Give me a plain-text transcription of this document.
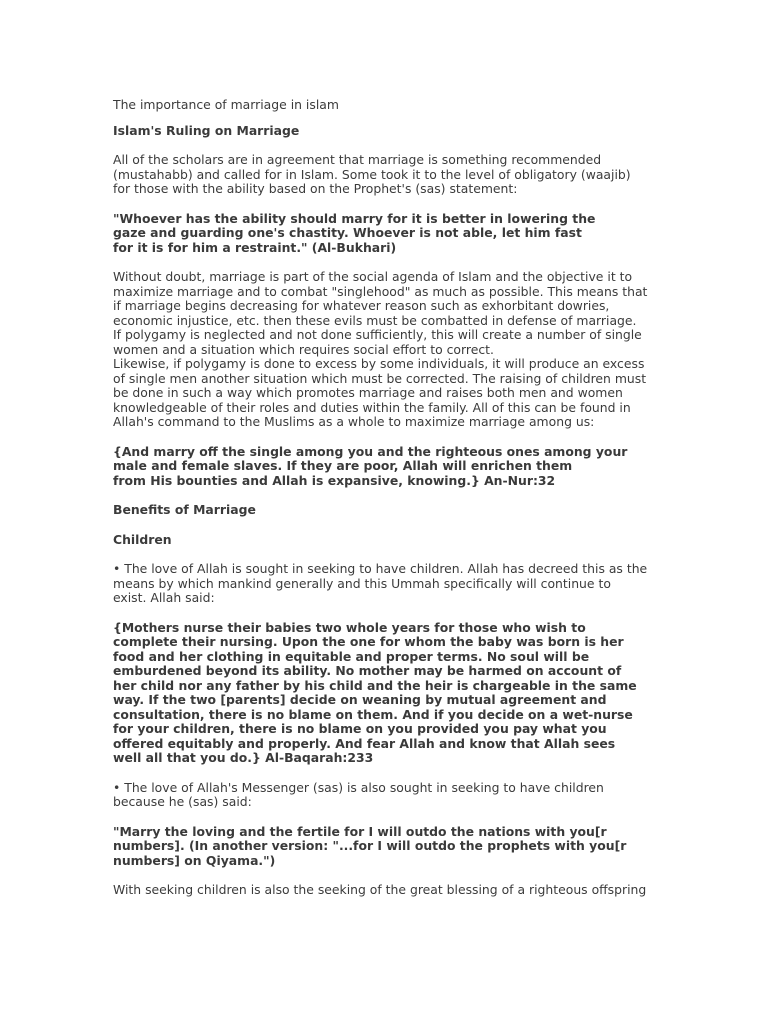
The importance of marriage in islam
Islam's Ruling on Marriage

All of the scholars are in agreement that marriage is something recommended
(mustahabb) and called for in Islam. Some took it to the level of obligatory (waajib)
for those with the ability based on the Prophet's (sas) statement:

"Whoever has the ability should marry for it is better in lowering the
gaze and guarding one's chastity. Whoever is not able, let him fast
for it is for him a restraint." (Al-Bukhari)

Without doubt, marriage is part of the social agenda of Islam and the objective it to
maximize marriage and to combat "singlehood" as much as possible. This means that
if marriage begins decreasing for whatever reason such as exhorbitant dowries,
economic injustice, etc. then these evils must be combatted in defense of marriage.
If polygamy is neglected and not done sufficiently, this will create a number of single
women and a situation which requires social effort to correct.
Likewise, if polygamy is done to excess by some individuals, it will produce an excess
of single men another situation which must be corrected. The raising of children must
be done in such a way which promotes marriage and raises both men and women
knowledgeable of their roles and duties within the family. All of this can be found in
Allah's command to the Muslims as a whole to maximize marriage among us:

{And marry off the single among you and the righteous ones among your
male and female slaves. If they are poor, Allah will enrichen them
from His bounties and Allah is expansive, knowing.} An-Nur:32

Benefits of Marriage
Children

• The love of Allah is sought in seeking to have children. Allah has decreed this as the
means by which mankind generally and this Ummah specifically will continue to
exist. Allah said:

{Mothers nurse their babies two whole years for those who wish to
complete their nursing. Upon the one for whom the baby was born is her
food and her clothing in equitable and proper terms. No soul will be
emburdened beyond its ability. No mother may be harmed on account of
her child nor any father by his child and the heir is chargeable in the same
way. If the two [parents] decide on weaning by mutual agreement and
consultation, there is no blame on them. And if you decide on a wet-nurse
for your children, there is no blame on you provided you pay what you
offered equitably and properly. And fear Allah and know that Allah sees
well all that you do.} Al-Baqarah:233

• The love of Allah's Messenger (sas) is also sought in seeking to have children
because he (sas) said:

"Marry the loving and the fertile for I will outdo the nations with you[r
numbers]. (In another version: "...for I will outdo the prophets with you[r
numbers] on Qiyama.")

With seeking children is also the seeking of the great blessing of a righteous offspring
